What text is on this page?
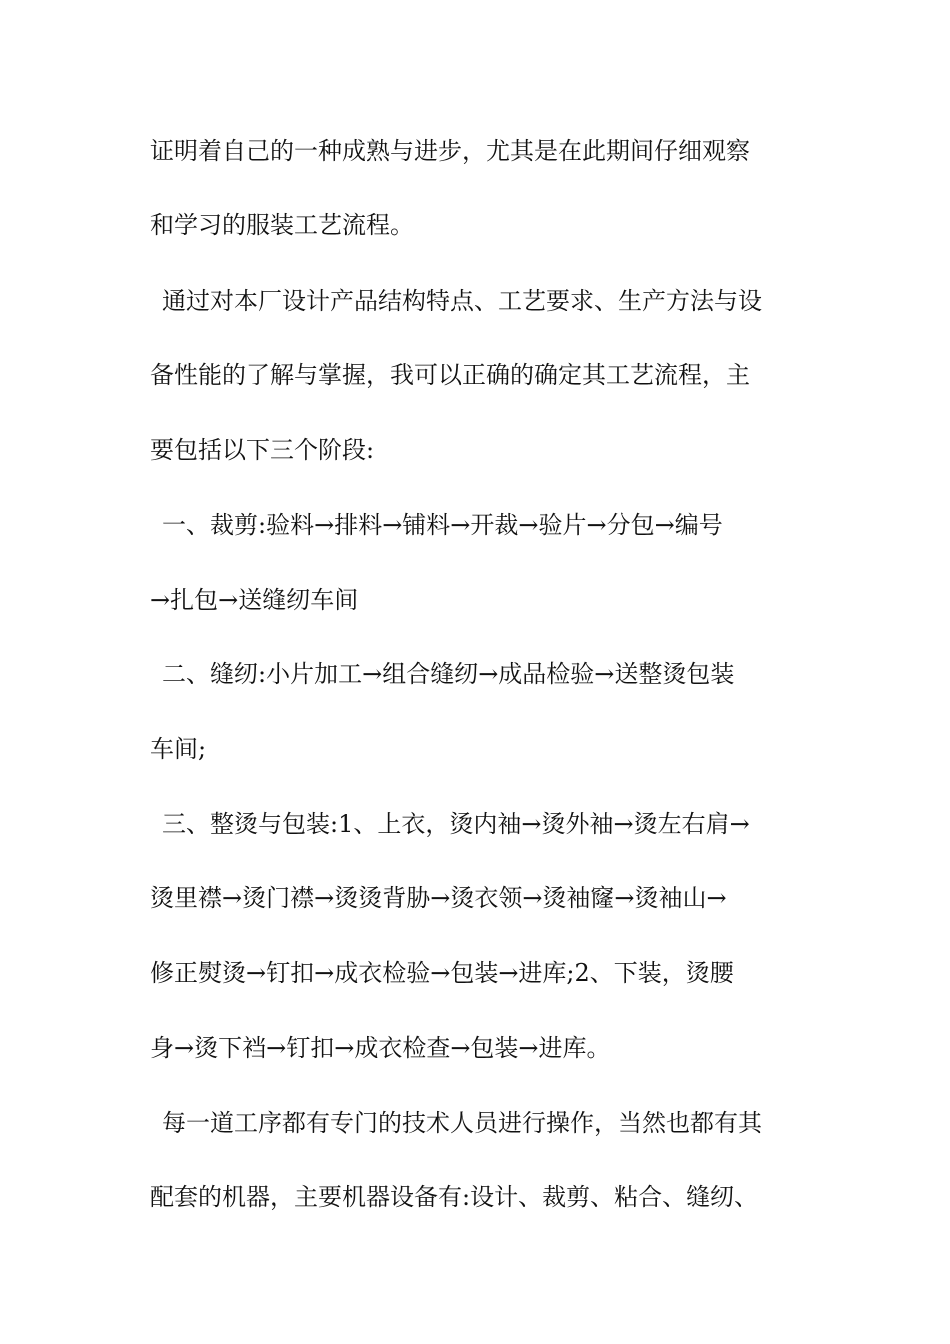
证明着自己的一种成熟与进步，尤其是在此期间仔细观察
和学习的服装工艺流程。
通过对本厂设计产品结构特点、工艺要求、生产方法与设
备性能的了解与掌握，我可以正确的确定其工艺流程，主
要包括以下三个阶段:
一、裁剪:验料→排料→铺料→开裁→验片→分包→编号
→扎包→送缝纫车间
二、缝纫:小片加工→组合缝纫→成品检验→送整烫包装
车间;
三、整烫与包装:1、上衣，烫内袖→烫外袖→烫左右肩→
烫里襟→烫门襟→烫烫背胁→烫衣领→烫袖窿→烫袖山→
修正熨烫→钉扣→成衣检验→包装→进库;2、下装，烫腰
身→烫下裆→钉扣→成衣检查→包装→进库。
每一道工序都有专门的技术人员进行操作，当然也都有其
配套的机器，主要机器设备有:设计、裁剪、粘合、缝纫、
